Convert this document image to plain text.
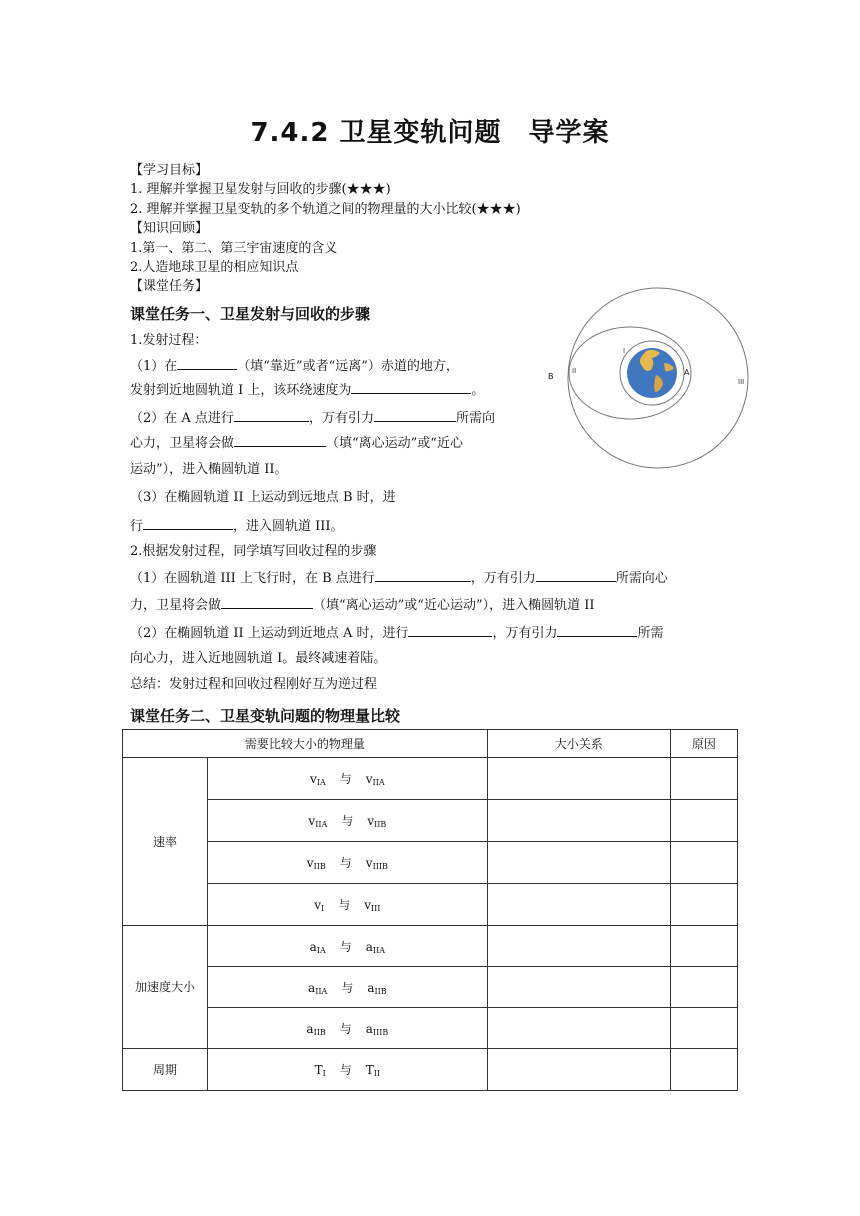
7.4.2 卫星变轨问题　导学案
【学习目标】
1. 理解并掌握卫星发射与回收的步骤(★★★)
2. 理解并掌握卫星变轨的多个轨道之间的物理量的大小比较(★★★)
【知识回顾】
1.第一、第二、第三宇宙速度的含义
2.人造地球卫星的相应知识点
【课堂任务】
课堂任务一、卫星发射与回收的步骤
1.发射过程：
（1）在	（填“靠近”或者“远离”）赤道的地方，
发射到近地圆轨道 I 上，该环绕速度为	。
（2）在 A 点进行	，万有引力	所需向
心力，卫星将会做	（填“离心运动”或“近心
运动”），进入椭圆轨道 II。
（3）在椭圆轨道 II 上运动到远地点 B 时，进
行	，进入圆轨道 III。
2.根据发射过程，同学填写回收过程的步骤
（1）在圆轨道 III 上飞行时，在 B 点进行	，万有引力	所需向心
力，卫星将会做	（填“离心运动”或“近心运动”），进入椭圆轨道 II
（2）在椭圆轨道 II 上运动到近地点 A 时，进行	，万有引力	所需
向心力，进入近地圆轨道 I。最终减速着陆。
总结：发射过程和回收过程刚好互为逆过程
A
I
II
III
B
课堂任务二、卫星变轨问题的物理量比较
需要比较大小的物理量		大小关系	原因
速率	$v_{IA}$ 与 $v_{IIA}$

	$v_{IIA}$ 与 $v_{IIB}$

	$v_{IIB}$ 与 $v_{IIIB}$

	$v_I$ 与 $v_{III}$

加速度大小	$a_{IA}$ 与 $a_{IIA}$

	$a_{IIA}$ 与 $a_{IIB}$

	$a_{IIB}$ 与 $a_{IIIB}$

周期	$T_I$ 与 $T_{II}$
